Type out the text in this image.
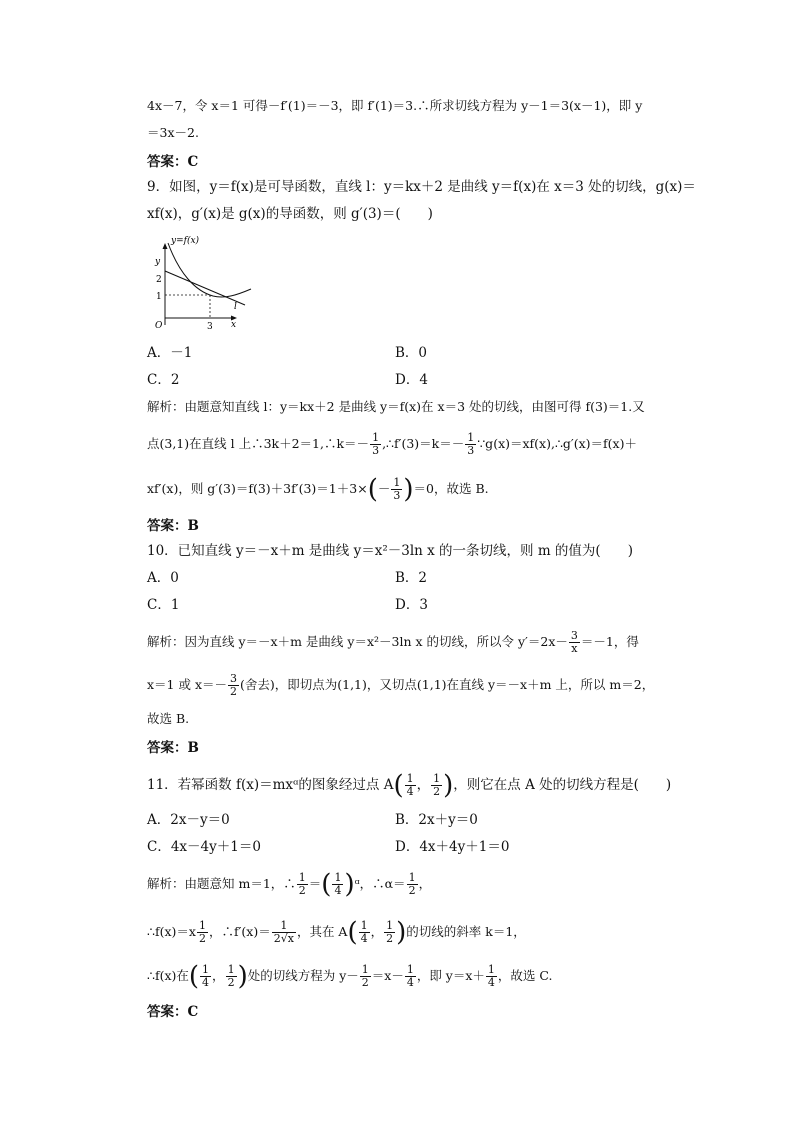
4x－7，令 x＝1 可得－f′(1)＝－3，即 f′(1)＝3.∴所求切线方程为 y－1＝3(x－1)，即 y
＝3x－2.
答案：C
9．如图，y＝f(x)是可导函数，直线 l：y＝kx＋2 是曲线 y＝f(x)在 x＝3 处的切线，g(x)＝
xf(x)，g′(x)是 g(x)的导函数，则 g′(3)＝(　　)
y=f(x)
y
2
1
O	3 x
l
A．－1	B．0
C．2	D．4
解析：由题意知直线 l：y＝kx＋2 是曲线 y＝f(x)在 x＝3 处的切线，由图可得 f(3)＝1.又
点(3,1)在直线 l 上∴3k＋2＝1,∴k＝－ $\frac{1}{3}$ ,∴f′(3)＝k＝－ $\frac{1}{3}$ ∵g(x)＝xf(x),∴g′(x)＝f(x)＋
xf′(x)，则 $g'(3)=f(3)+3f'(3)=1+3\times(- \frac{1}{3} )=0$，故选 B.
答案：B
10．已知直线 y＝－x＋m 是曲线 y＝x²－3ln x 的一条切线，则 m 的值为(　　)
A．0	B．2
C．1	D．3
解析：因为直线 y＝－x＋m 是曲线 y＝x²－3ln x 的切线，所以令 $y'=2x- \frac{3}{x} =-1$，得
x＝1 或 $x=- \frac{3}{2}$ (舍去)，即切点为(1,1)，又切点(1,1)在直线 y＝－x＋m 上，所以 m＝2，
故选 B.
答案：B
11．若幂函数 f(x)＝mxᵅ的图象经过点 $A( \frac{1}{4}$ ， $\frac{1}{2}$ )，则它在点 A 处的切线方程是(　　)
A．2x－y＝0	B．2x＋y＝0
C．4x－4y＋1＝0	D．4x＋4y＋1＝0
解析：由题意知 m＝1，∴ $\frac{1}{2}$ ＝( $\frac{1}{4}$ )ᵅ，∴α＝ $\frac{1}{2}$ ，
∴f(x)＝x $\frac{1}{2}$ ，∴f′(x)＝ $\frac{1}{2√x}$ ，其在 $A( \frac{1}{4}$ ， $\frac{1}{2}$ )的切线的斜率 k＝1，
∴f(x)在( $\frac{1}{4}$ ， $\frac{1}{2}$ )处的切线方程为 $y- \frac{1}{2} =x- \frac{1}{4}$ ，即 $y=x+ \frac{1}{4}$ ，故选 C.
答案：C
